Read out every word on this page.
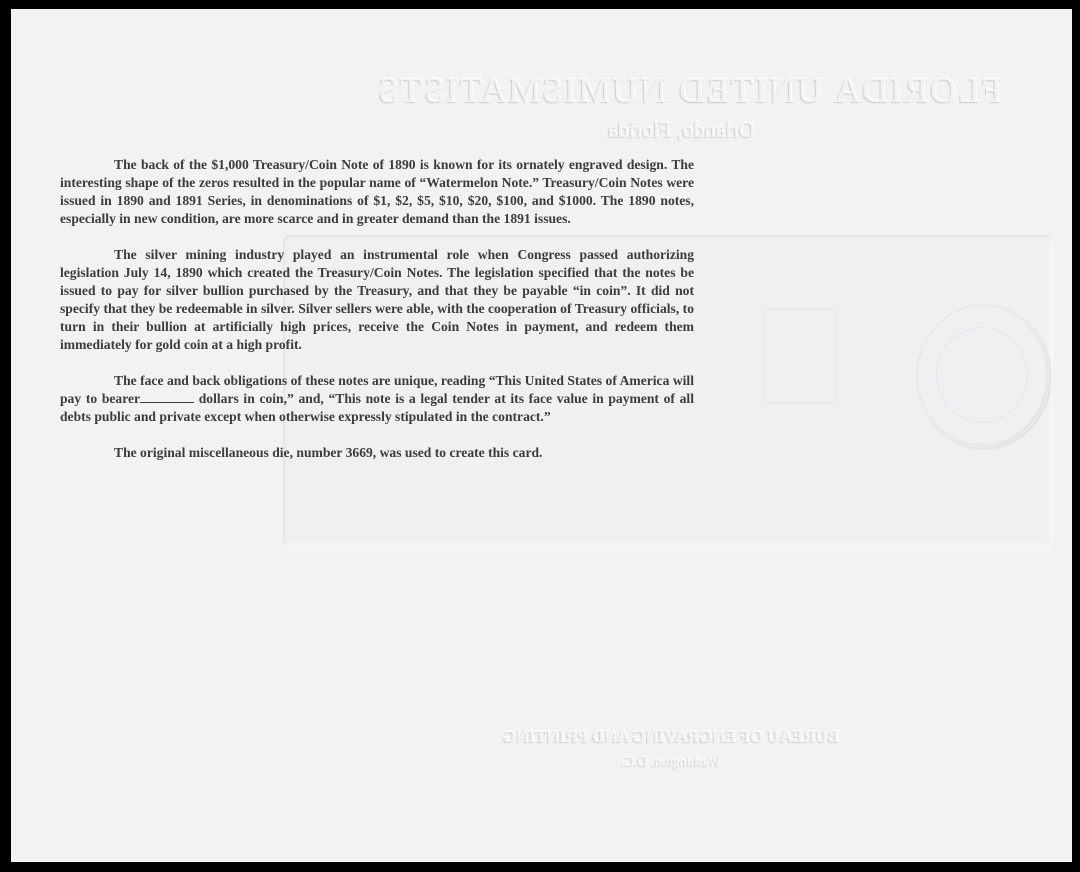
FLORIDA UNITED NUMISMATISTS
Orlando, Florida
BUREAU OF ENGRAVING AND PRINTING
Washington, D.C.

The back of the $1,000 Treasury/Coin Note of 1890 is known for its ornately engraved design. The interesting shape of the zeros resulted in the popular name of “Watermelon Note.” Treasury/Coin Notes were issued in 1890 and 1891 Series, in denominations of $1, $2, $5, $10, $20, $100, and $1000. The 1890 notes, especially in new condition, are more scarce and in greater demand than the 1891 issues.

The silver mining industry played an instrumental role when Congress passed authorizing legislation July 14, 1890 which created the Treasury/Coin Notes. The legislation specified that the notes be issued to pay for silver bullion purchased by the Treasury, and that they be payable “in coin”. It did not specify that they be redeemable in silver. Silver sellers were able, with the cooperation of Treasury officials, to turn in their bullion at artificially high prices, receive the Coin Notes in payment, and redeem them immediately for gold coin at a high profit.

The face and back obligations of these notes are unique, reading “This United States of America will pay to bearer	dollars in coin,” and, “This note is a legal tender at its face value in payment of all debts public and private except when otherwise expressly stipulated in the contract.”

The original miscellaneous die, number 3669, was used to create this card.
